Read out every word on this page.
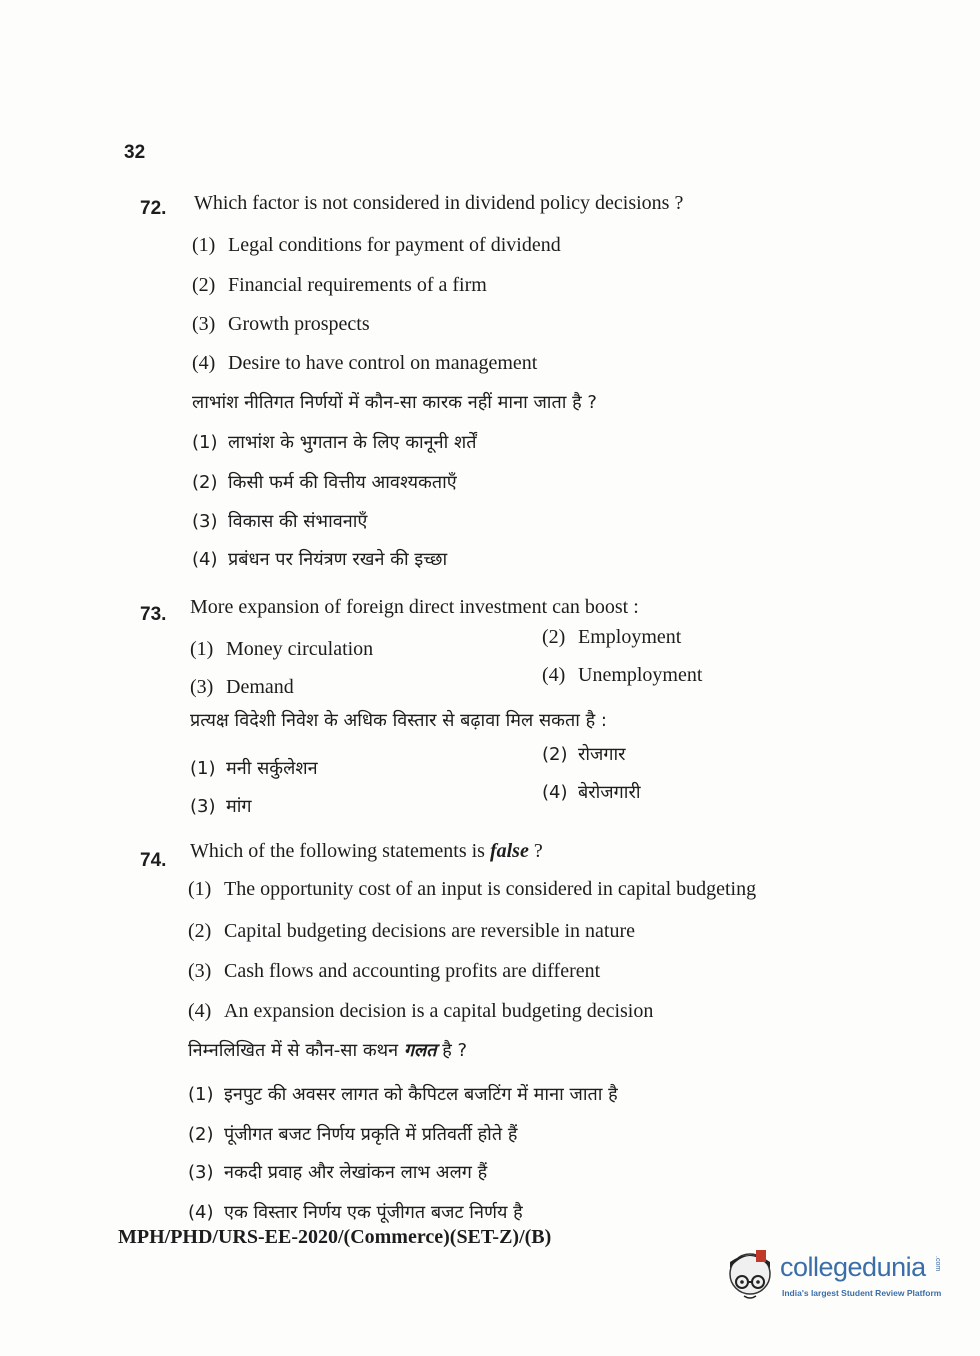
32
72. Which factor is not considered in dividend policy decisions ?
(1) Legal conditions for payment of dividend
(2) Financial requirements of a firm
(3) Growth prospects
(4) Desire to have control on management
लाभांश नीतिगत निर्णयों में कौन-सा कारक नहीं माना जाता है ?
(1) लाभांश के भुगतान के लिए कानूनी शर्तें
(2) किसी फर्म की वित्तीय आवश्यकताएँ
(3) विकास की संभावनाएँ
(4) प्रबंधन पर नियंत्रण रखने की इच्छा
73. More expansion of foreign direct investment can boost :
(1) Money circulation
(2) Employment
(3) Demand
(4) Unemployment
प्रत्यक्ष विदेशी निवेश के अधिक विस्तार से बढ़ावा मिल सकता है :
(1) मनी सर्कुलेशन
(2) रोजगार
(3) मांग
(4) बेरोजगारी
74. Which of the following statements is false ?
(1) The opportunity cost of an input is considered in capital budgeting
(2) Capital budgeting decisions are reversible in nature
(3) Cash flows and accounting profits are different
(4) An expansion decision is a capital budgeting decision
निम्नलिखित में से कौन-सा कथन गलत है ?
(1) इनपुट की अवसर लागत को कैपिटल बजटिंग में माना जाता है
(2) पूंजीगत बजट निर्णय प्रकृति में प्रतिवर्ती होते हैं
(3) नकदी प्रवाह और लेखांकन लाभ अलग हैं
(4) एक विस्तार निर्णय एक पूंजीगत बजट निर्णय है
MPH/PHD/URS-EE-2020/(Commerce)(SET-Z)/(B)
collegedunia .com
India's largest Student Review Platform
